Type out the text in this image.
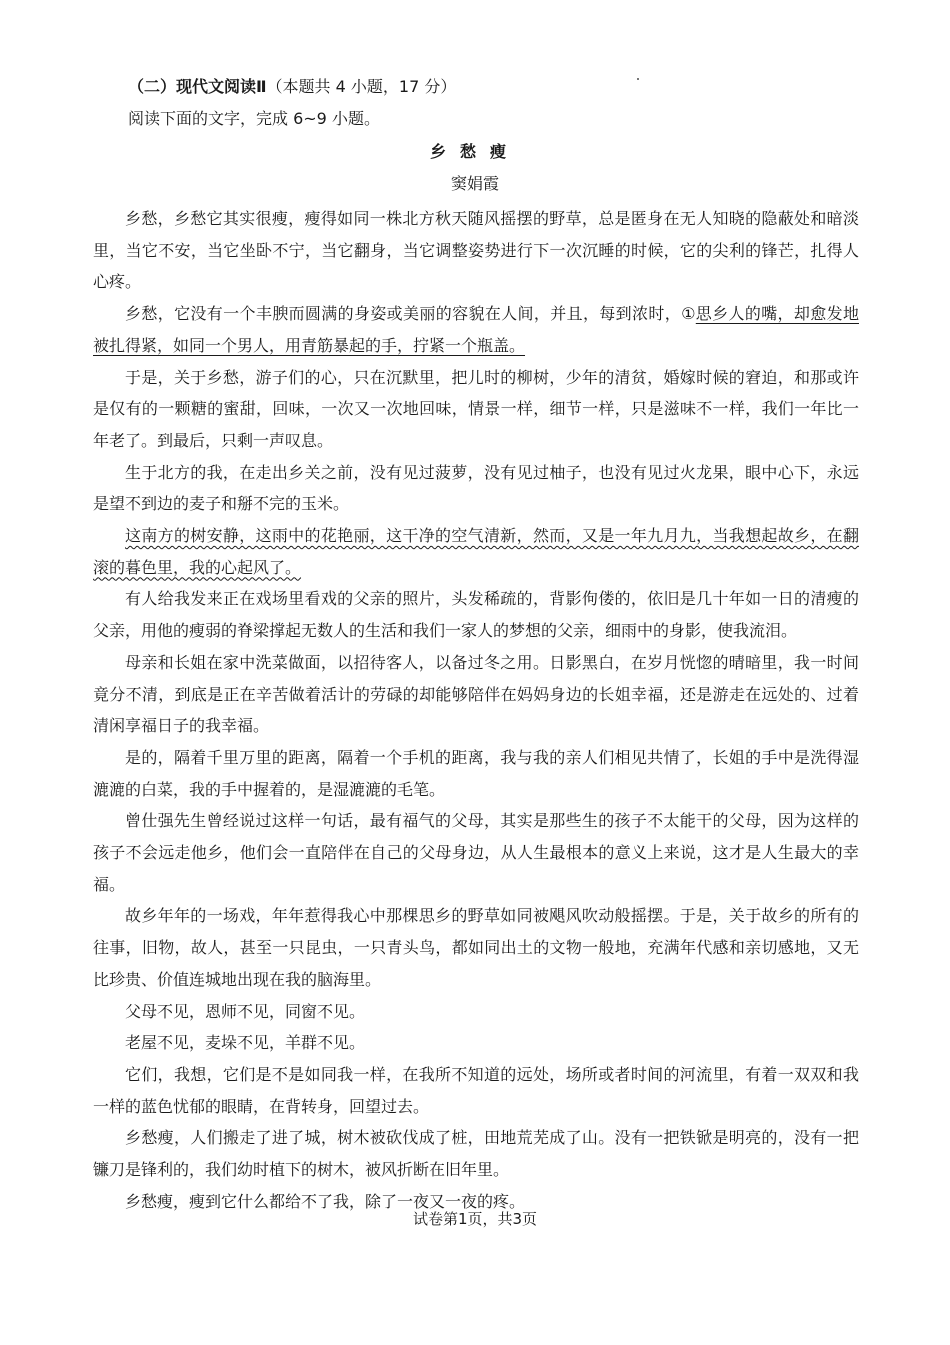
（二）现代文阅读Ⅱ（本题共 4 小题，17 分）
阅读下面的文字，完成 6~9 小题。
乡愁瘦
窦娟霞

乡愁，乡愁它其实很瘦，瘦得如同一株北方秋天随风摇摆的野草，总是匿身在无人知晓的隐蔽处和暗淡里，当它不安，当它坐卧不宁，当它翻身，当它调整姿势进行下一次沉睡的时候，它的尖利的锋芒，扎得人心疼。

乡愁，它没有一个丰腴而圆满的身姿或美丽的容貌在人间，并且，每到浓时，①思乡人的嘴，却愈发地被扎得紧，如同一个男人，用青筋暴起的手，拧紧一个瓶盖。

于是，关于乡愁，游子们的心，只在沉默里，把儿时的柳树，少年的清贫，婚嫁时候的窘迫，和那或许是仅有的一颗糖的蜜甜，回味，一次又一次地回味，情景一样，细节一样，只是滋味不一样，我们一年比一年老了。到最后，只剩一声叹息。

生于北方的我，在走出乡关之前，没有见过菠萝，没有见过柚子，也没有见过火龙果，眼中心下，永远是望不到边的麦子和掰不完的玉米。

这南方的树安静，这雨中的花艳丽，这干净的空气清新，然而，又是一年九月九，当我想起故乡，在翻滚的暮色里，我的心起风了。

有人给我发来正在戏场里看戏的父亲的照片，头发稀疏的，背影佝偻的，依旧是几十年如一日的清瘦的父亲，用他的瘦弱的脊梁撑起无数人的生活和我们一家人的梦想的父亲，细雨中的身影，使我流泪。

母亲和长姐在家中洗菜做面，以招待客人，以备过冬之用。日影黑白，在岁月恍惚的晴暗里，我一时间竟分不清，到底是正在辛苦做着活计的劳碌的却能够陪伴在妈妈身边的长姐幸福，还是游走在远处的、过着清闲享福日子的我幸福。

是的，隔着千里万里的距离，隔着一个手机的距离，我与我的亲人们相见共情了，长姐的手中是洗得湿漉漉的白菜，我的手中握着的，是湿漉漉的毛笔。

曾仕强先生曾经说过这样一句话，最有福气的父母，其实是那些生的孩子不太能干的父母，因为这样的孩子不会远走他乡，他们会一直陪伴在自己的父母身边，从人生最根本的意义上来说，这才是人生最大的幸福。

故乡年年的一场戏，年年惹得我心中那棵思乡的野草如同被飓风吹动般摇摆。于是，关于故乡的所有的往事，旧物，故人，甚至一只昆虫，一只青头鸟，都如同出土的文物一般地，充满年代感和亲切感地，又无比珍贵、价值连城地出现在我的脑海里。

父母不见，恩师不见，同窗不见。

老屋不见，麦垛不见，羊群不见。

它们，我想，它们是不是如同我一样，在我所不知道的远处，场所或者时间的河流里，有着一双双和我一样的蓝色忧郁的眼睛，在背转身，回望过去。

乡愁瘦，人们搬走了进了城，树木被砍伐成了桩，田地荒芜成了山。没有一把铁锨是明亮的，没有一把镰刀是锋利的，我们幼时植下的树木，被风折断在旧年里。

乡愁瘦，瘦到它什么都给不了我，除了一夜又一夜的疼。

试卷第1页，共3页
